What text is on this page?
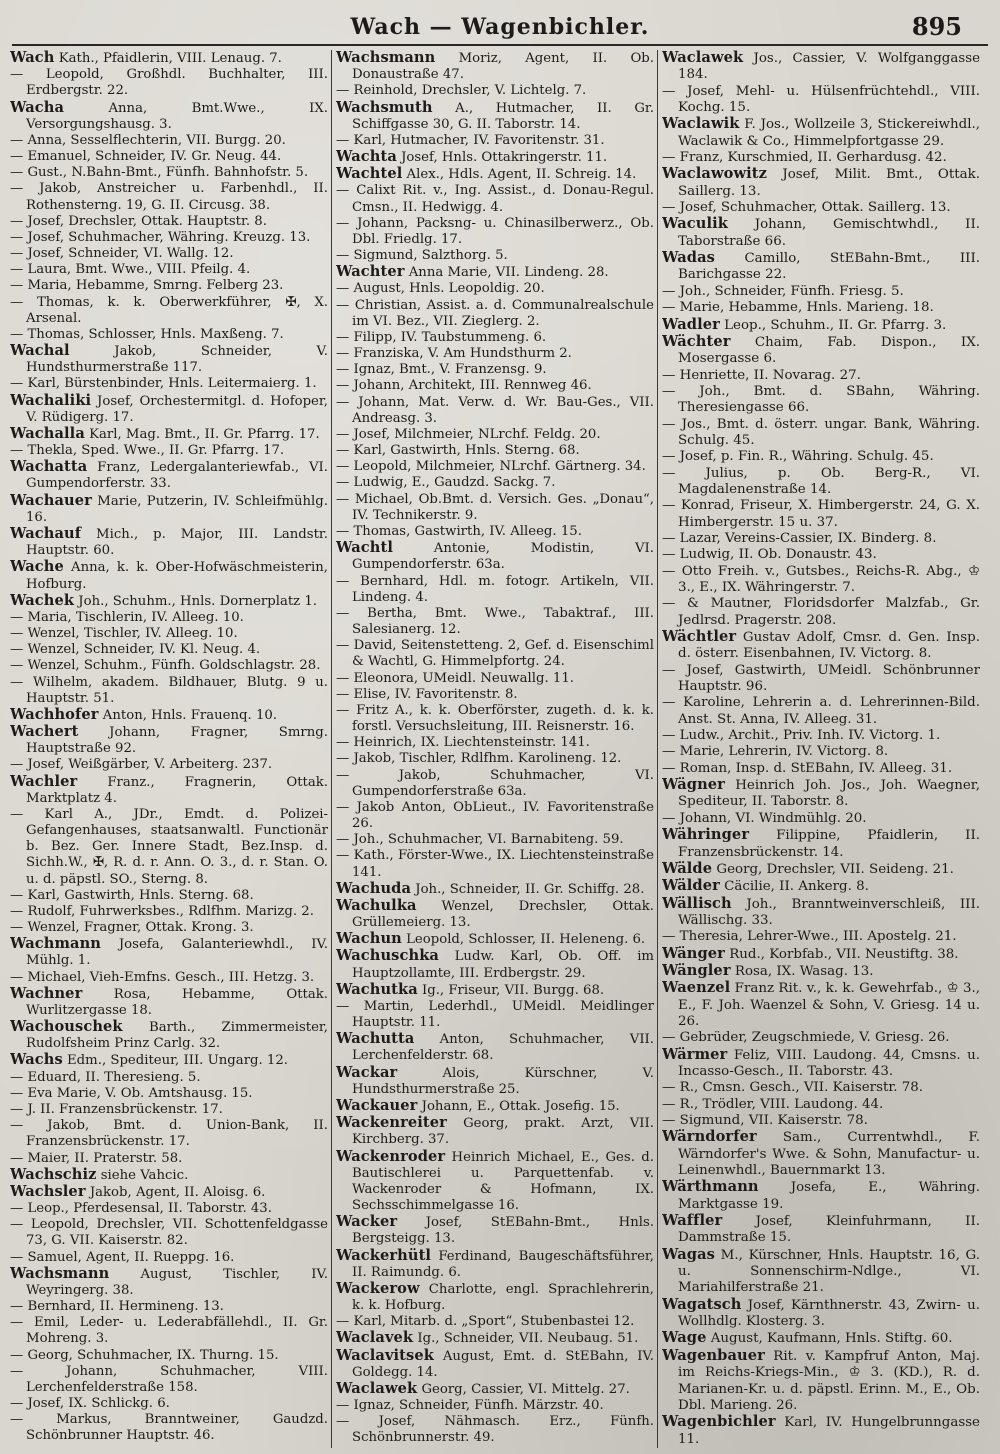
Wach — Wagenbichler.	895

Wach Kath., Pfaidlerin, VIII. Lenaug. 7.

— Leopold, Großhdl. Buchhalter, III. Erdbergstr. 22.

Wacha Anna, Bmt.Wwe., IX. Versorgungshausg. 3.

— Anna, Sesselflechterin, VII. Burgg. 20.

— Emanuel, Schneider, IV. Gr. Neug. 44.

— Gust., N.Bahn-Bmt., Fünfh. Bahnhofstr. 5.

— Jakob, Anstreicher u. Farbenhdl., II. Rothensterng. 19, G. II. Circusg. 38.

— Josef, Drechsler, Ottak. Hauptstr. 8.

— Josef, Schuhmacher, Währing. Kreuzg. 13.

— Josef, Schneider, VI. Wallg. 12.

— Laura, Bmt. Wwe., VIII. Pfeilg. 4.

— Maria, Hebamme, Smrng. Felberg 23.

— Thomas, k. k. Oberwerkführer, ✠, X. Arsenal.

— Thomas, Schlosser, Hnls. Maxßeng. 7.

Wachal Jakob, Schneider, V. Hundsthurmerstraße 117.

— Karl, Bürstenbinder, Hnls. Leitermaierg. 1.

Wachaliki Josef, Orchestermitgl. d. Hofoper, V. Rüdigerg. 17.

Wachalla Karl, Mag. Bmt., II. Gr. Pfarrg. 17.

— Thekla, Sped. Wwe., II. Gr. Pfarrg. 17.

Wachatta Franz, Ledergalanteriewfab., VI. Gumpendorferstr. 33.

Wachauer Marie, Putzerin, IV. Schleifmühlg. 16.

Wachauf Mich., p. Major, III. Landstr. Hauptstr. 60.

Wache Anna, k. k. Ober-Hofwäschmeisterin, Hofburg.

Wachek Joh., Schuhm., Hnls. Dornerplatz 1.

— Maria, Tischlerin, IV. Alleeg. 10.

— Wenzel, Tischler, IV. Alleeg. 10.

— Wenzel, Schneider, IV. Kl. Neug. 4.

— Wenzel, Schuhm., Fünfh. Goldschlagstr. 28.

— Wilhelm, akadem. Bildhauer, Blutg. 9 u. Hauptstr. 51.

Wachhofer Anton, Hnls. Frauenq. 10.

Wachert Johann, Fragner, Smrng. Hauptstraße 92.

— Josef, Weißgärber, V. Arbeiterg. 237.

Wachler Franz., Fragnerin, Ottak. Marktplatz 4.

— Karl A., JDr., Emdt. d. Polizei-Gefangenhauses, staatsanwaltl. Functionär b. Bez. Ger. Innere Stadt, Bez.Insp. d. Sichh.W., ✠, R. d. r. Ann. O. 3., d. r. Stan. O. u. d. päpstl. SO., Sterng. 8.

— Karl, Gastwirth, Hnls. Sterng. 68.

— Rudolf, Fuhrwerksbes., Rdlfhm. Marizg. 2.

— Wenzel, Fragner, Ottak. Krong. 3.

Wachmann Josefa, Galanteriewhdl., IV. Mühlg. 1.

— Michael, Vieh-Emfns. Gesch., III. Hetzg. 3.

Wachner Rosa, Hebamme, Ottak. Wurlitzergasse 18.

Wachouschek Barth., Zimmermeister, Rudolfsheim Prinz Carlg. 32.

Wachs Edm., Spediteur, III. Ungarg. 12.

— Eduard, II. Theresieng. 5.

— Eva Marie, V. Ob. Amtshausg. 15.

— J. II. Franzensbrückenstr. 17.

— Jakob, Bmt. d. Union-Bank, II. Franzensbrückenstr. 17.

— Maier, II. Praterstr. 58.

Wachschiz siehe Vahcic.

Wachsler Jakob, Agent, II. Aloisg. 6.

— Leop., Pferdesensal, II. Taborstr. 43.

— Leopold, Drechsler, VII. Schottenfeldgasse 73, G. VII. Kaiserstr. 82.

— Samuel, Agent, II. Rueppg. 16.

Wachsmann August, Tischler, IV. Weyringerg. 38.

— Bernhard, II. Hermineng. 13.

— Emil, Leder- u. Lederabfällehdl., II. Gr. Mohreng. 3.

— Georg, Schuhmacher, IX. Thurng. 15.

— Johann, Schuhmacher, VIII. Lerchenfelderstraße 158.

— Josef, IX. Schlickg. 6.

— Markus, Branntweiner, Gaudzd. Schönbrunner Hauptstr. 46.

Wachsmann Moriz, Agent, II. Ob. Donaustraße 47.

— Reinhold, Drechsler, V. Lichtelg. 7.

Wachsmuth A., Hutmacher, II. Gr. Schiffgasse 30, G. II. Taborstr. 14.

— Karl, Hutmacher, IV. Favoritenstr. 31.

Wachta Josef, Hnls. Ottakringerstr. 11.

Wachtel Alex., Hdls. Agent, II. Schreig. 14.

— Calixt Rit. v., Ing. Assist., d. Donau-Regul. Cmsn., II. Hedwigg. 4.

— Johann, Packsng- u. Chinasilberwerz., Ob. Dbl. Friedlg. 17.

— Sigmund, Salzthorg. 5.

Wachter Anna Marie, VII. Lindeng. 28.

— August, Hnls. Leopoldig. 20.

— Christian, Assist. a. d. Communalrealschule im VI. Bez., VII. Zieglerg. 2.

— Filipp, IV. Taubstummeng. 6.

— Franziska, V. Am Hundsthurm 2.

— Ignaz, Bmt., V. Franzensg. 9.

— Johann, Architekt, III. Rennweg 46.

— Johann, Mat. Verw. d. Wr. Bau-Ges., VII. Andreasg. 3.

— Josef, Milchmeier, NLrchf. Feldg. 20.

— Karl, Gastwirth, Hnls. Sterng. 68.

— Leopold, Milchmeier, NLrchf. Gärtnerg. 34.

— Ludwig, E., Gaudzd. Sackg. 7.

— Michael, Ob.Bmt. d. Versich. Ges. „Donau“, IV. Technikerstr. 9.

— Thomas, Gastwirth, IV. Alleeg. 15.

Wachtl Antonie, Modistin, VI. Gumpendorferstr. 63a.

— Bernhard, Hdl. m. fotogr. Artikeln, VII. Lindeng. 4.

— Bertha, Bmt. Wwe., Tabaktraf., III. Salesianerg. 12.

— David, Seitenstetteng. 2, Gef. d. Eisenschiml & Wachtl, G. Himmelpfortg. 24.

— Eleonora, UMeidl. Neuwallg. 11.

— Elise, IV. Favoritenstr. 8.

— Fritz A., k. k. Oberförster, zugeth. d. k. k. forstl. Versuchsleitung, III. Reisnerstr. 16.

— Heinrich, IX. Liechtensteinstr. 141.

— Jakob, Tischler, Rdlfhm. Karolineng. 12.

— Jakob, Schuhmacher, VI. Gumpendorferstraße 63a.

— Jakob Anton, ObLieut., IV. Favoritenstraße 26.

— Joh., Schuhmacher, VI. Barnabiteng. 59.

— Kath., Förster-Wwe., IX. Liechtensteinstraße 141.

Wachuda Joh., Schneider, II. Gr. Schiffg. 28.

Wachulka Wenzel, Drechsler, Ottak. Grüllemeierg. 13.

Wachun Leopold, Schlosser, II. Heleneng. 6.

Wachuschka Ludw. Karl, Ob. Off. im Hauptzollamte, III. Erdbergstr. 29.

Wachutka Ig., Friseur, VII. Burgg. 68.

— Martin, Lederhdl., UMeidl. Meidlinger Hauptstr. 11.

Wachutta Anton, Schuhmacher, VII. Lerchenfelderstr. 68.

Wackar Alois, Kürschner, V. Hundsthurmerstraße 25.

Wackauer Johann, E., Ottak. Josefig. 15.

Wackenreiter Georg, prakt. Arzt, VII. Kirchberg. 37.

Wackenroder Heinrich Michael, E., Ges. d. Bautischlerei u. Parquettenfab. v. Wackenroder & Hofmann, IX. Sechsschimmelgasse 16.

Wacker Josef, StEBahn-Bmt., Hnls. Bergsteigg. 13.

Wackerhütl Ferdinand, Baugeschäftsführer, II. Raimundg. 6.

Wackerow Charlotte, engl. Sprachlehrerin, k. k. Hofburg.

— Karl, Mitarb. d. „Sport“, Stubenbastei 12.

Waclavek Ig., Schneider, VII. Neubaug. 51.

Waclavitsek August, Emt. d. StEBahn, IV. Goldegg. 14.

Waclawek Georg, Cassier, VI. Mittelg. 27.

— Ignaz, Schneider, Fünfh. Märzstr. 40.

— Josef, Nähmasch. Erz., Fünfh. Schönbrunnerstr. 49.

Waclawek Jos., Cassier, V. Wolfganggasse 184.

— Josef, Mehl- u. Hülsenfrüchtehdl., VIII. Kochg. 15.

Waclawik F. Jos., Wollzeile 3, Stickereiwhdl., Waclawik & Co., Himmelpfortgasse 29.

— Franz, Kurschmied, II. Gerhardusg. 42.

Waclawowitz Josef, Milit. Bmt., Ottak. Saillerg. 13.

— Josef, Schuhmacher, Ottak. Saillerg. 13.

Waculik Johann, Gemischtwhdl., II. Taborstraße 66.

Wadas Camillo, StEBahn-Bmt., III. Barichgasse 22.

— Joh., Schneider, Fünfh. Friesg. 5.

— Marie, Hebamme, Hnls. Marieng. 18.

Wadler Leop., Schuhm., II. Gr. Pfarrg. 3.

Wächter Chaim, Fab. Dispon., IX. Mosergasse 6.

— Henriette, II. Novarag. 27.

— Joh., Bmt. d. SBahn, Währing. Theresiengasse 66.

— Jos., Bmt. d. österr. ungar. Bank, Währing. Schulg. 45.

— Josef, p. Fin. R., Währing. Schulg. 45.

— Julius, p. Ob. Berg-R., VI. Magdalenenstraße 14.

— Konrad, Friseur, X. Himbergerstr. 24, G. X. Himbergerstr. 15 u. 37.

— Lazar, Vereins-Cassier, IX. Binderg. 8.

— Ludwig, II. Ob. Donaustr. 43.

— Otto Freih. v., Gutsbes., Reichs-R. Abg., ♔ 3., E., IX. Währingerstr. 7.

— & Mautner, Floridsdorfer Malzfab., Gr. Jedlrsd. Pragerstr. 208.

Wächtler Gustav Adolf, Cmsr. d. Gen. Insp. d. österr. Eisenbahnen, IV. Victorg. 8.

— Josef, Gastwirth, UMeidl. Schönbrunner Hauptstr. 96.

— Karoline, Lehrerin a. d. Lehrerinnen-Bild. Anst. St. Anna, IV. Alleeg. 31.

— Ludw., Archit., Priv. Inh. IV. Victorg. 1.

— Marie, Lehrerin, IV. Victorg. 8.

— Roman, Insp. d. StEBahn, IV. Alleeg. 31.

Wägner Heinrich Joh. Jos., Joh. Waegner, Spediteur, II. Taborstr. 8.

— Johann, VI. Windmühlg. 20.

Währinger Filippine, Pfaidlerin, II. Franzensbrückenstr. 14.

Wälde Georg, Drechsler, VII. Seideng. 21.

Wälder Cäcilie, II. Ankerg. 8.

Wällisch Joh., Branntweinverschleiß, III. Wällischg. 33.

— Theresia, Lehrer-Wwe., III. Apostelg. 21.

Wänger Rud., Korbfab., VII. Neustiftg. 38.

Wängler Rosa, IX. Wasag. 13.

Waenzel Franz Rit. v., k. k. Gewehrfab., ♔ 3., E., F. Joh. Waenzel & Sohn, V. Griesg. 14 u. 26.

— Gebrüder, Zeugschmiede, V. Griesg. 26.

Wärmer Feliz, VIII. Laudong. 44, Cmsns. u. Incasso-Gesch., II. Taborstr. 43.

— R., Cmsn. Gesch., VII. Kaiserstr. 78.

— R., Trödler, VIII. Laudong. 44.

— Sigmund, VII. Kaiserstr. 78.

Wärndorfer Sam., Currentwhdl., F. Wärndorfer's Wwe. & Sohn, Manufactur- u. Leinenwhdl., Bauernmarkt 13.

Wärthmann Josefa, E., Währing. Marktgasse 19.

Waffler Josef, Kleinfuhrmann, II. Dammstraße 15.

Wagas M., Kürschner, Hnls. Hauptstr. 16, G. u. Sonnenschirm-Ndlge., VI. Mariahilferstraße 21.

Wagatsch Josef, Kärnthnerstr. 43, Zwirn- u. Wollhdlg. Klosterg. 3.

Wage August, Kaufmann, Hnls. Stiftg. 60.

Wagenbauer Rit. v. Kampfruf Anton, Maj. im Reichs-Kriegs-Min., ♔ 3. (KD.), R. d. Marianen-Kr. u. d. päpstl. Erinn. M., E., Ob. Dbl. Marieng. 26.

Wagenbichler Karl, IV. Hungelbrunngasse 11.
